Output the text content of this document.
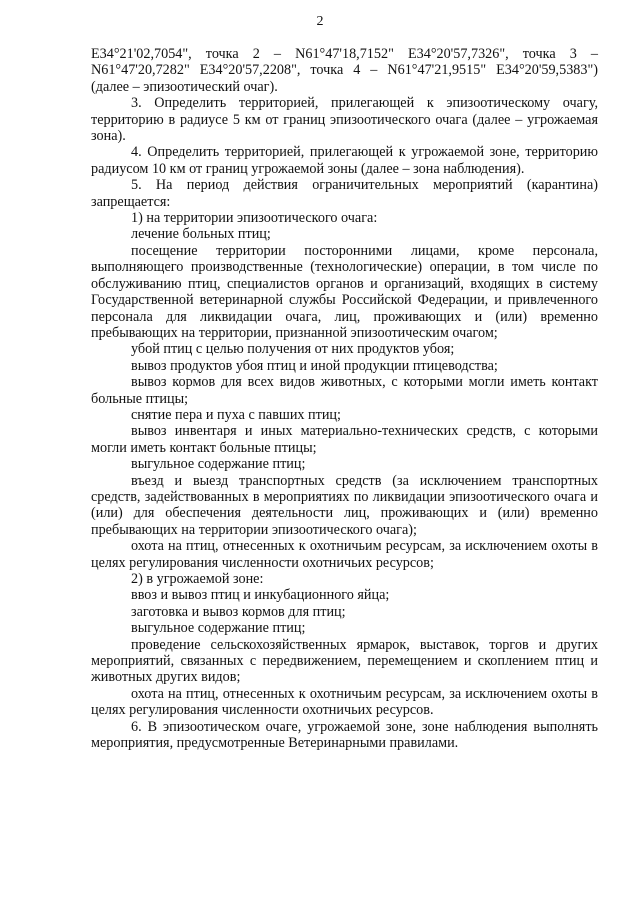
2

E34°21'02,7054", точка 2 – N61°47'18,7152" E34°20'57,7326", точка 3 – N61°47'20,7282" E34°20'57,2208", точка 4 – N61°47'21,9515" E34°20'59,5383") (далее – эпизоотический очаг).

3. Определить территорией, прилегающей к эпизоотическому очагу, территорию в радиусе 5 км от границ эпизоотического очага (далее – угрожаемая зона).

4. Определить территорией, прилегающей к угрожаемой зоне, территорию радиусом 10 км от границ угрожаемой зоны (далее – зона наблюдения).

5. На период действия ограничительных мероприятий (карантина) запрещается:

1) на территории эпизоотического очага:

лечение больных птиц;

посещение территории посторонними лицами, кроме персонала, выполняющего производственные (технологические) операции, в том числе по обслуживанию птиц, специалистов органов и организаций, входящих в систему Государственной ветеринарной службы Российской Федерации, и привлеченного персонала для ликвидации очага, лиц, проживающих и (или) временно пребывающих на территории, признанной эпизоотическим очагом;

убой птиц с целью получения от них продуктов убоя;

вывоз продуктов убоя птиц и иной продукции птицеводства;

вывоз кормов для всех видов животных, с которыми могли иметь контакт больные птицы;

снятие пера и пуха с павших птиц;

вывоз инвентаря и иных материально-технических средств, с которыми могли иметь контакт больные птицы;

выгульное содержание птиц;

въезд и выезд транспортных средств (за исключением транспортных средств, задействованных в мероприятиях по ликвидации эпизоотического очага и (или) для обеспечения деятельности лиц, проживающих и (или) временно пребывающих на территории эпизоотического очага);

охота на птиц, отнесенных к охотничьим ресурсам, за исключением охоты в целях регулирования численности охотничьих ресурсов;

2) в угрожаемой зоне:

ввоз и вывоз птиц и инкубационного яйца;

заготовка и вывоз кормов для птиц;

выгульное содержание птиц;

проведение сельскохозяйственных ярмарок, выставок, торгов и других мероприятий, связанных с передвижением, перемещением и скоплением птиц и животных других видов;

охота на птиц, отнесенных к охотничьим ресурсам, за исключением охоты в целях регулирования численности охотничьих ресурсов.

6. В эпизоотическом очаге, угрожаемой зоне, зоне наблюдения выполнять мероприятия, предусмотренные Ветеринарными правилами.
